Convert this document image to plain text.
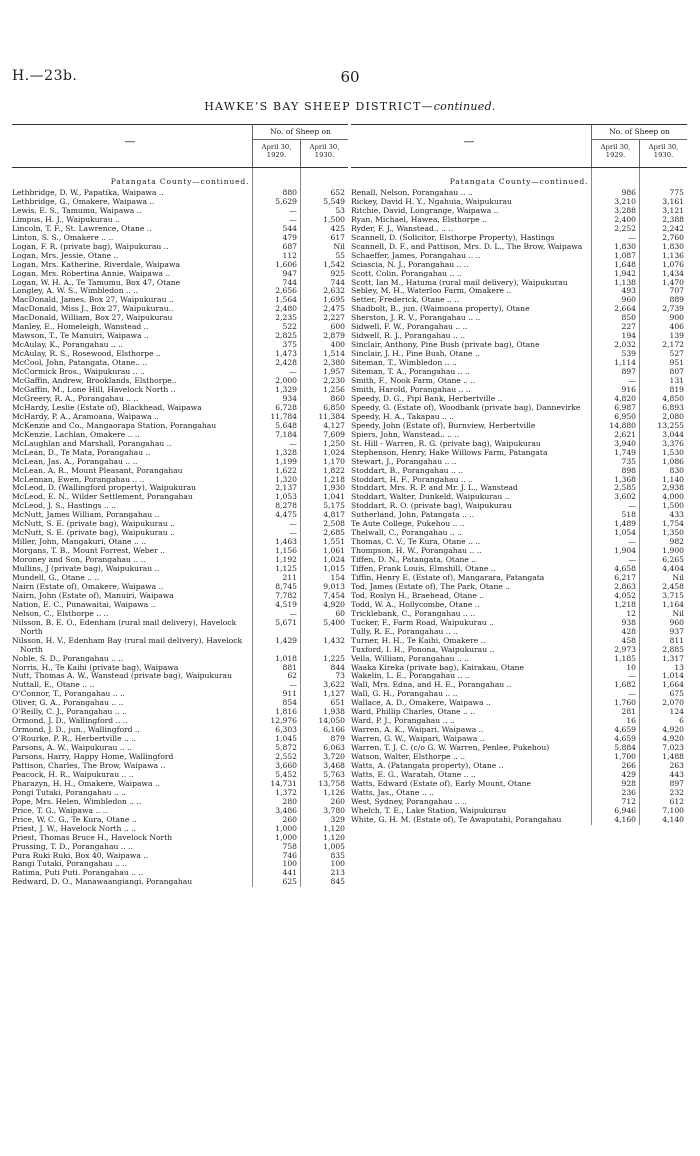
H.—23b.	60
HAWKE’S BAY SHEEP DISTRICT—continued.
—
No. of Sheep on
April 30,
1929.
April 30,
1930.
Patangata County—continued.
Lethbridge, D. W., Papatika, Waipawa ..	880	652
Lethbridge, G., Omakere, Waipawa ..	5,629	5,549
Lewis, E. S., Tamumu, Waipawa ..	—	53
Limpus, H. J., Waipukurau ..	—	1,500
Lincoln, T. F., St. Lawrence, Otane ..	544	425
Linton, S. S., Omakere .. ..	479	617
Logan, F. R. (private bag), Waipukurau ..	687	Nil
Logan, Mrs. Jessie, Otane ..	112	55
Logan, Mrs. Katherine, Riverdale, Waipawa	1,606	1,542
Logan, Mrs. Robertina Annie, Waipawa ..	947	925
Logan, W. H. A., Te Tamumu, Box 47, Otane	744	744
Longley, A. W. S., Wimbledon .. ..	2,656	2,632
MacDonald, James, Box 27, Waipukurau ..	1,564	1,695
MacDonald, Miss J., Box 27, Waipukurau..	2,480	2,475
MacDonald, William, Box 27, Waipukurau	2,235	2,227
Manley, E., Homeleigh, Wanstead ..	522	600
Mawson, T., Te Manuiri, Waipawa ..	2,825	2,879
McAulay, K., Porangahau .. ..	375	400
McAulay, R. S., Rosewood, Elsthorpe ..	1,473	1,514
McCool, John, Patangata, Otane.. ..	2,428	2,380
McCormick Bros., Waipukurau .. ..	—	1,957
McGaffin, Andrew, Brooklands, Elsthorpe..	2,000	2,230
McGaffin, M., Lone Hill, Havelock North ..	1,329	1,256
McGreery, R. A., Porangahau .. ..	934	860
McHardy, Leslie (Estate of), Blackhead, Waipawa	6,728	6,850
McHardy, P. A., Aramoana, Waipawa ..	11,784	11,384
McKenzie and Co., Mangaorapa Station, Porangahau	5,648	4,127
McKenzie, Lachlan, Omakere .. ..	7,184	7,609
McLaughlan and Marshall, Porangahau ..	—	1,250
McLean, D., Te Mata, Porangahau ..	1,328	1,024
McLean, Jas. A., Porangahau .. ..	1,199	1,170
McLean, A. R., Mount Pleasant, Porangahau	1,622	1,822
McLennan, Ewen, Porangahau .. ..	1,320	1,218
McLeod, D. (Wallingford property), Waipukurau	2,137	1,930
McLeod, E. N., Wilder Settlement, Porangahau	1,053	1,041
McLeod, J. S., Hastings .. ..	8,278	5,175
McNutt, James William, Porangahau ..	4,475	4,817
McNutt, S. E. (private bag), Waipukurau ..	—	2,508
McNutt, S. E. (private bag), Waipukurau ..	—	2,685
Miller, John, Mangakuri, Otane .. ..	1,463	1,551
Morgans, T. B., Mount Forrest, Weber ..	1,156	1,061
Moroney and Son, Porangahau .. ..	1,192	1,024
Mullins, J (private bag), Waipukurau ..	1,125	1,015
Mundell, G., Otane .. ..	211	154
Nairn (Estate of), Omakere, Waipawa ..	8,745	9,013
Nairn, John (Estate of), Manuiri, Waipawa	7,782	7,454
Nation, E. C., Punawaitai, Waipawa ..	4,519	4,920
Nelson, C., Elsthorpe .. ..	—	60
Nilsson, B. E. O., Edenham (rural mail delivery), Havelock North
5,671	5,400
Nilsson, H. V., Edenham Bay (rural mail delivery), Havelock North
1,429	1,432
Noble, S. D., Porangahau .. ..	1,018	1,225
Norris, H., Te Kaihi (private bag), Waipawa	881	844
Nutt, Thomas A. W., Wanstead (private bag), Waipukurau	62	73
Nuttall, E., Otane .. ..	—	3,622
O’Connor, T., Porangahau .. ..	911	1,127
Oliver, G. A., Porangahau .. ..	854	651
O’Reilly, C. J., Porangahau .. ..	1,816	1,938
Ormond, J. D., Wallingford .. ..	12,976	14,050
Ormond, J. D., jun., Wallingford ..	6,303	6,166
O’Rourke, P. R., Herbertville .. ..	1,045	879
Parsons, A. W., Waipukurau .. ..	5,872	6,063
Parsons, Harry, Happy Home, Wallingford	2,552	3,720
Pattison, Charles, The Brow, Waipawa ..	3,660	3,468
Peacock, H. R., Waipukurau .. ..	5,452	5,763
Pharazyn, H. H., Omakere, Waipawa ..	14,731	13,758
Pongi Tutaki, Porangahau .. ..	1,372	1,126
Pope, Mrs. Helen, Wimbledon .. ..	280	260
Price, T. G., Waipawa .. ..	3,486	3,780
Price, W. C. G., Te Kura, Otane ..	260	329
Priest, J. W., Havelock North .. ..	1,000	1,120
Priest, Thomas Bruce H., Havelock North	1,000	1,120
Prussing, T. D., Porangahau .. ..	758	1,005
Pura Ruki Ruki, Box 40, Waipawa ..	746	835
Rangi Tutaki, Porangahau .. ..	100	100
Ratima, Puti Puti. Porangahau .. ..	441	213
Redward, D. O., Manawaangiangi, Porangahau	625	845
—
No. of Sheep on
April 30,
1929.
April 30,
1930.
Patangata County—continued.
Renall, Nelson, Porangahau .. ..	986	775
Rickey, David H. Y., Ngahuia, Waipukurau	3,210	3,161
Ritchie, David, Longrange, Waipawa ..	3,288	3,121
Ryan, Michael, Hawea, Elsthorpe ..	2,400	2,388
Ryder, F. J., Wanstead.. .. ..	2,252	2,242
Scannell, D. (Solicitor, Elsthorpe Property), Hastings	—	2,760
Scannell, D. F., and Pattison, Mrs. D. L., The Brow, Waipawa	1,830	1,830
Schaeffer, James, Porangahau .. ..	1,087	1,136
Sciascia, N. J., Porangahau .. ..	1,648	1,076
Scott, Colin, Porangahau .. ..	1,942	1,434
Scott, Ian M., Hatuma (rural mail delivery), Waipukurau	1,138	1,470
Sebley, M. H., Waterloo Farm, Omakere ..	493	707
Setter, Frederick, Otane .. ..	960	889
Shadbolt, B., jun. (Waimoana property), Otane	2,664	2,739
Sherston, J. R. V., Porangahau .. ..	850	900
Sidwell, F. W., Porangahau .. ..	227	406
Sidwell, R. J., Porangahau .. ..	194	139
Sinclair, Anthony, Pine Bush (private bag), Otane	2,032	2,172
Sinclair, J. H., Pine Bush, Otane ..	539	527
Siteman, T., Wimbledon .. ..	1,114	951
Siteman, T. A., Porangahau .. ..	897	807
Smith, F., Nook Farm, Otane .. ..	—	131
Smith, Harold, Porangahau .. ..	916	819
Speedy, D. G., Pipi Bank, Herbertville ..	4,820	4,850
Speedy, G. (Estate of), Woodbank (private bag), Dannevirke	6,987	6,893
Speedy, H. A., Takapau .. ..	6,950	2,080
Speedy, John (Estate of), Burnview, Herbertville	14,880	13,255
Spiers, John, Wanstead.. .. ..	2,621	3,044
St. Hill - Warren, R. G. (private bag), Waipukurau	3,940	3,376
Stephenson, Henry, Hake Willows Farm, Patangata	1,749	1,530
Stewart, J., Porangahau .. ..	735	1,086
Stoddart, B., Porangahau .. ..	898	830
Stoddart, H. F., Porangahau .. ..	1,368	1,140
Stoddart, Mrs. R. P. and Mr. J. L., Wanstead	2,585	2,938
Stoddart, Walter, Dunkeld, Waipukurau ..	3,602	4,000
Stoddart, R. O. (private bag), Waipukurau	—	1,500
Sutherland, John, Patangata .. ..	518	433
Te Aute College, Pukehou .. ..	1,489	1,754
Thelwall, C., Porangahau .. ..	1,054	1,350
Thomas, C. V., Te Kura, Otane .. ..	—	982
Thompson, H. W., Porangahau .. ..	1,904	1,900
Tiffen, D. N., Patangata, Otane ..	—	6,265
Tiffen, Frank Louis, Elmshill, Otane ..	4,658	4,404
Tiffin, Henry E. (Estate of), Mangarara, Patangata	6,217	Nil
Tod, James (Estate of), The Park, Otane ..	2,863	2,458
Tod, Roslyn H., Braehead, Otane ..	4,052	3,715
Todd, W. A., Hollycombe, Otane ..	1,218	1,164
Tricklebank, C., Porangahau .. ..	12	Nil
Tucker, F., Farm Road, Waipukurau ..	938	960
Tully, R. E., Porangahau .. ..	428	937
Turner, H. H., Te Kaihi, Omakere ..	458	811
Tuxford, I. H., Ponona, Waipukurau ..	2,973	2,885
Vella, William, Porangahau .. ..	1,185	1,317
Waaka Kireka (private bag), Kairakau, Otane	10	13
Wakelin, L. E., Porangahau .. ..	—	1,014
Wall, Mrs. Edna, and H. E., Porangahau ..	1,682	1,664
Wall, G. H., Porangahau .. ..	—	675
Wallace, A. D., Omakere, Waipawa ..	1,760	2,070
Ward, Phillip Charles, Otane .. ..	281	124
Ward, P. J., Porangahau .. ..	16	6
Warren, A. K., Waipari, Waipawa ..	4,659	4,920
Warren, G. W., Waipari, Waipawa ..	4,659	4,920
Warren, T. J. C. (c/o G. W. Warren, Penlee, Pukehou)	5,884	7,023
Watson, Walter, Elsthorpe .. ..	1,700	1,488
Watts, A. (Patangata property), Otane ..	266	263
Watts, E. G., Waratah, Otane .. ..	429	443
Watts, Edward (Estate of), Early Mount, Otane	928	897
Watts, Jas., Otane .. ..	236	232
West, Sydney, Porangahau .. ..	712	612
Whelch, T. E., Lake Station, Waipukurau	6,946	7,100
White, G. H. M. (Estate of), Te Awaputahi, Porangahau	4,160	4,140
